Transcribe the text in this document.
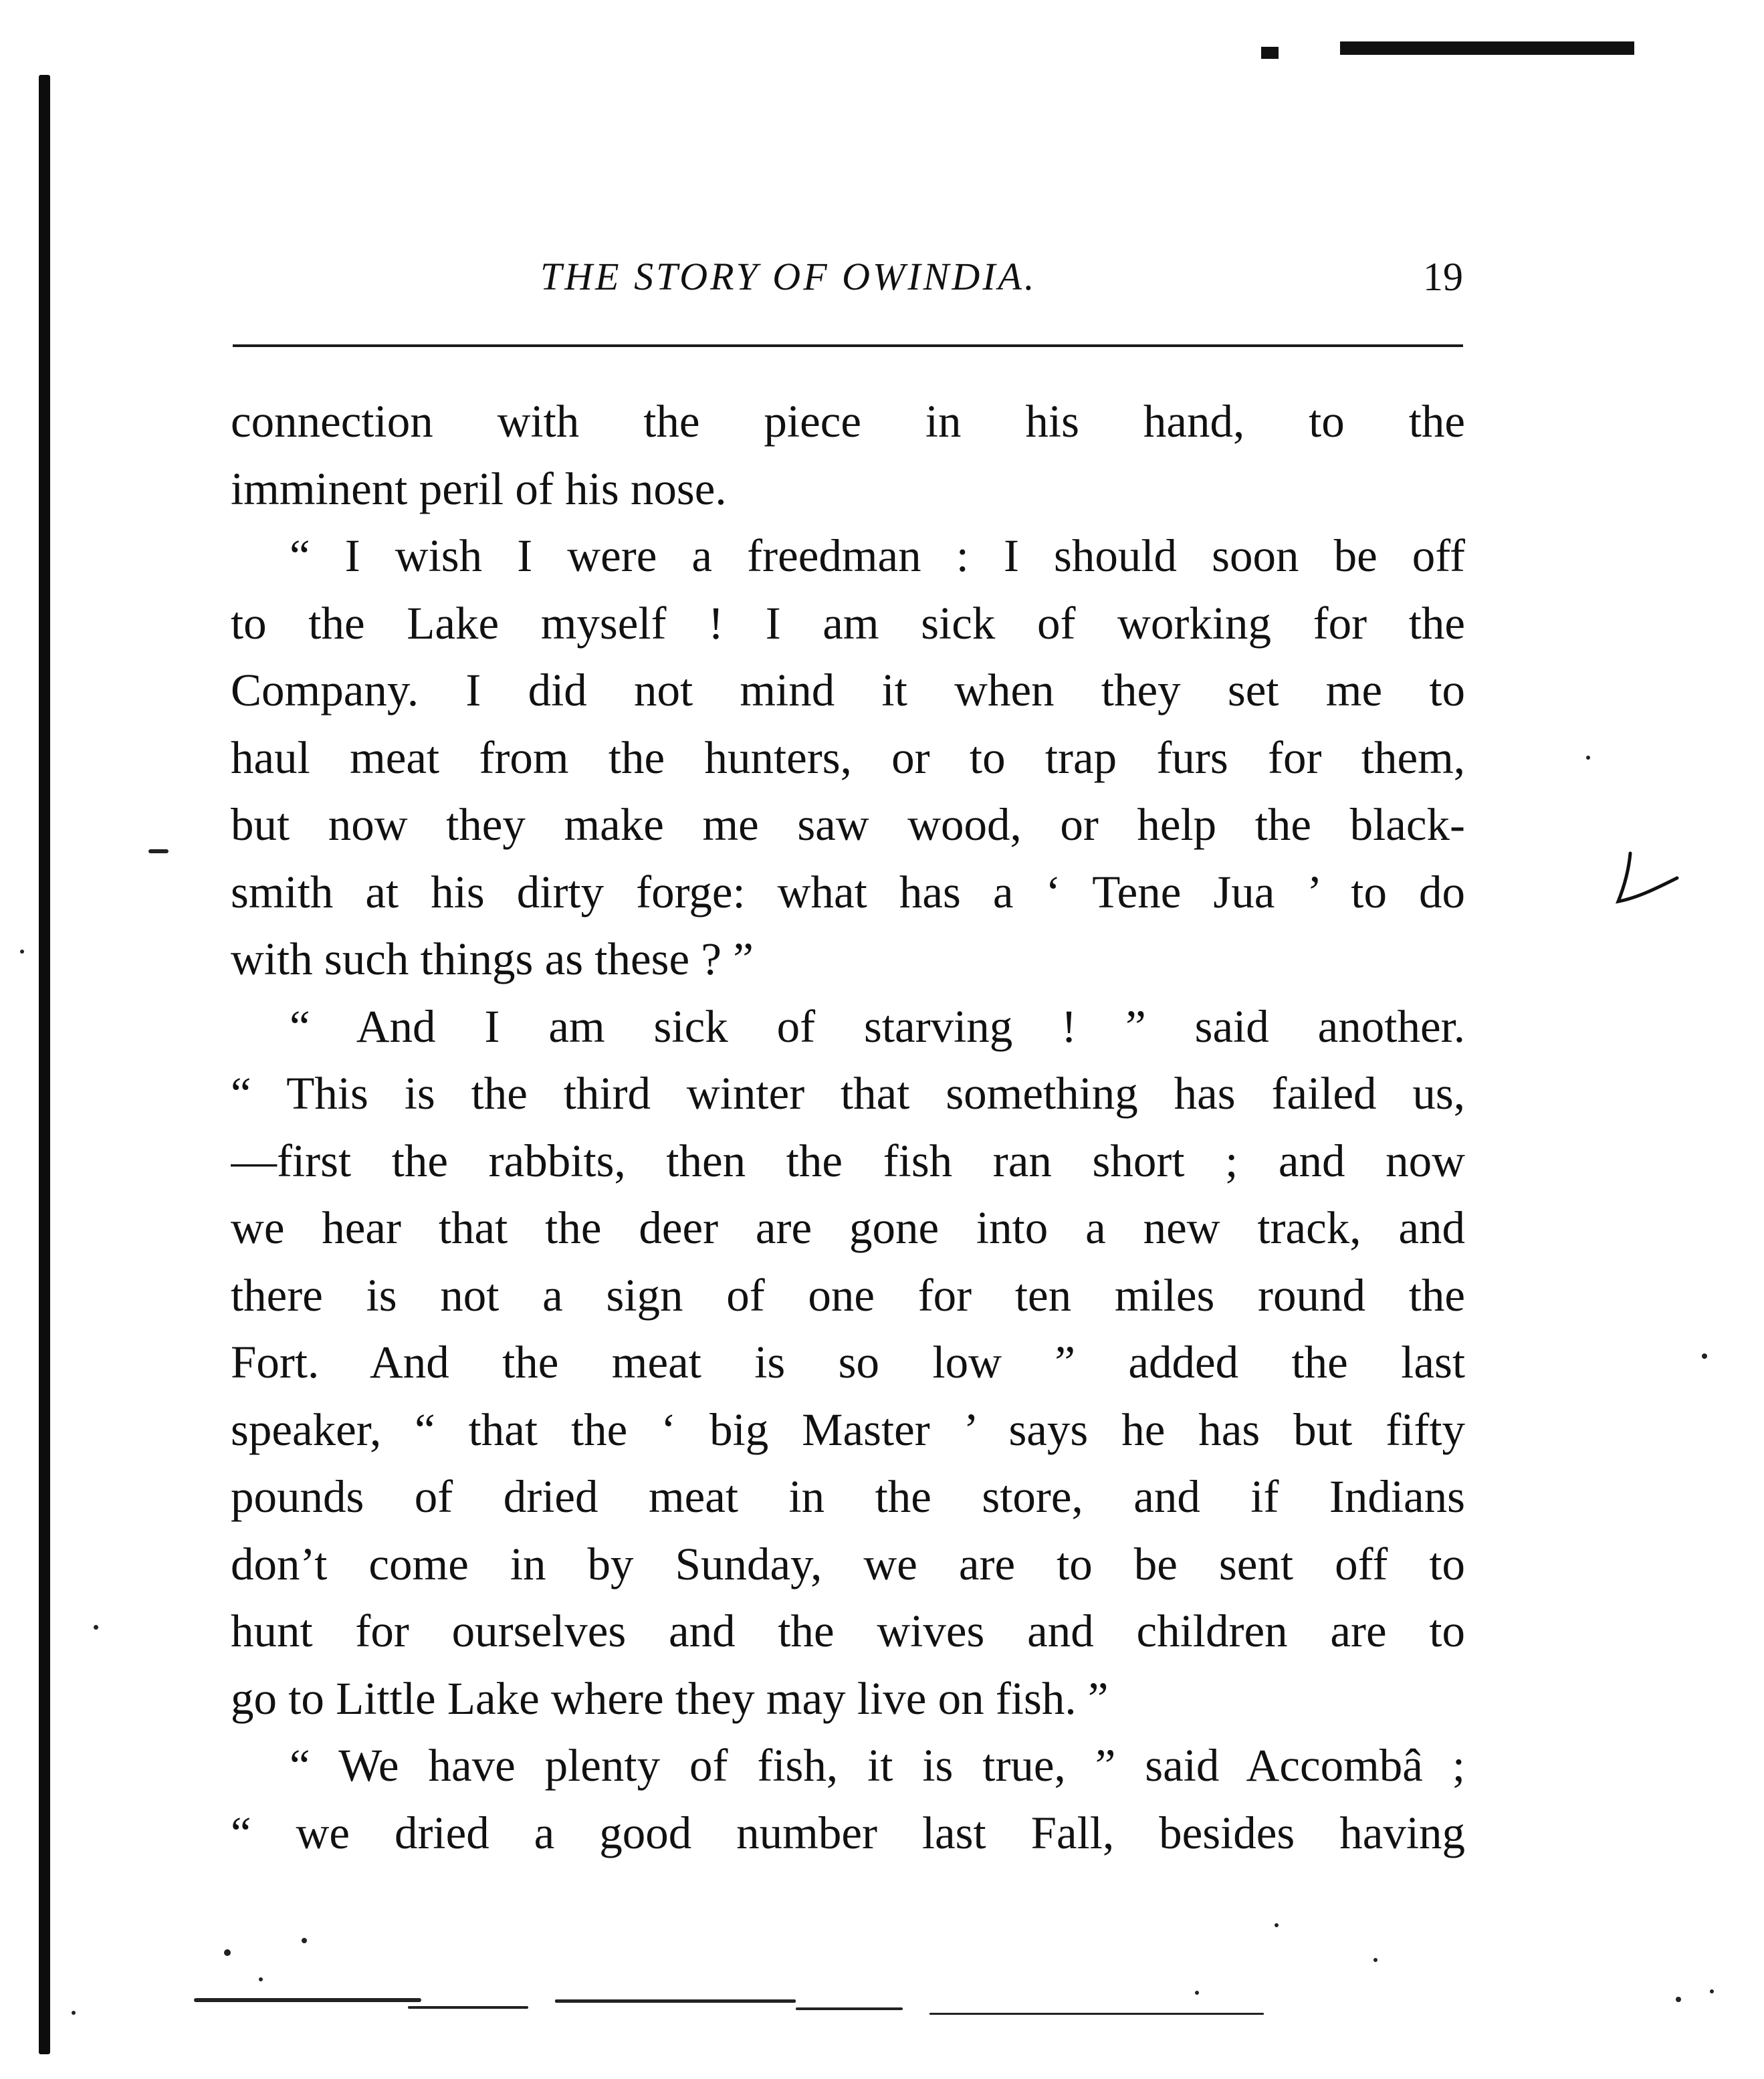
THE STORY OF OWINDIA.	19
connection with the piece in his hand, to the
imminent peril of his nose.
“ I wish I were a freedman : I should soon be off
to the Lake myself ! I am sick of working for the
Company. I did not mind it when they set me to
haul meat from the hunters, or to trap furs for them,
but now they make me saw wood, or help the black-
smith at his dirty forge: what has a ‘ Tene Jua ’ to do
with such things as these ? ”
“ And I am sick of starving ! ” said another.
“ This is the third winter that something has failed us,
—first the rabbits, then the fish ran short ; and now
we hear that the deer are gone into a new track, and
there is not a sign of one for ten miles round the
Fort. And the meat is so low ” added the last
speaker, “ that the ‘ big Master ’ says he has but fifty
pounds of dried meat in the store, and if Indians
don’t come in by Sunday, we are to be sent off to
hunt for ourselves and the wives and children are to
go to Little Lake where they may live on fish. ”
“ We have plenty of fish, it is true, ” said Accombâ ;
“ we dried a good number last Fall, besides having
